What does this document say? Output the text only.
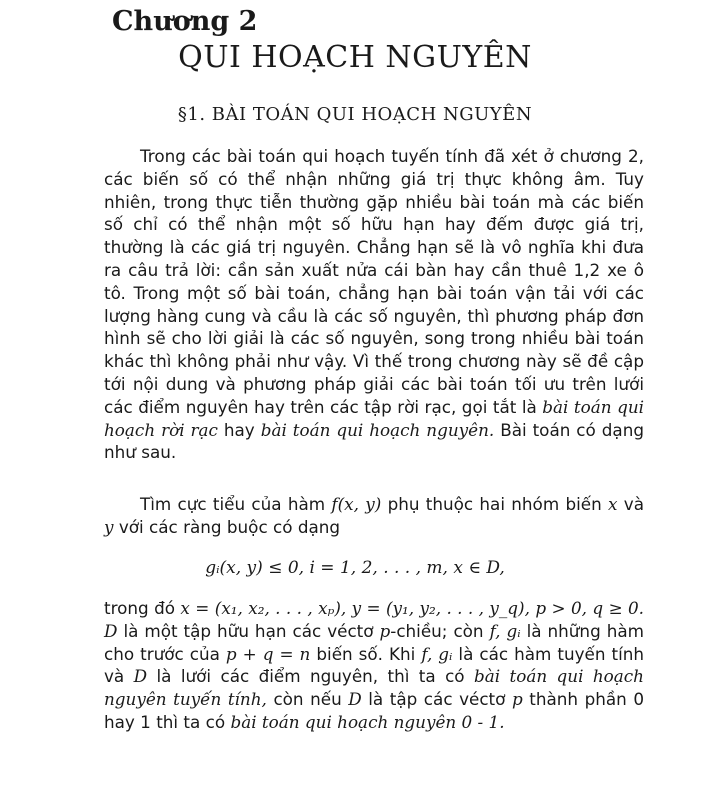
Chương 2
QUI HOẠCH NGUYÊN
§1. BÀI TOÁN QUI HOẠCH NGUYÊN
Trong các bài toán qui hoạch tuyến tính đã xét ở chương 2, các biến số có thể nhận những giá trị thực không âm. Tuy nhiên, trong thực tiễn thường gặp nhiều bài toán mà các biến số chỉ có thể nhận một số hữu hạn hay đếm được giá trị, thường là các giá trị nguyên. Chẳng hạn sẽ là vô nghĩa khi đưa ra câu trả lời: cần sản xuất nửa cái bàn hay cần thuê 1,2 xe ô tô. Trong một số bài toán, chẳng hạn bài toán vận tải với các lượng hàng cung và cầu là các số nguyên, thì phương pháp đơn hình sẽ cho lời giải là các số nguyên, song trong nhiều bài toán khác thì không phải như vậy. Vì thế trong chương này sẽ đề cập tới nội dung và phương pháp giải các bài toán tối ưu trên lưới các điểm nguyên hay trên các tập rời rạc, gọi tắt là bài toán qui hoạch rời rạc hay bài toán qui hoạch nguyên. Bài toán có dạng như sau.
Tìm cực tiểu của hàm f(x, y) phụ thuộc hai nhóm biến x và y với các ràng buộc có dạng
gᵢ(x, y) ≤ 0, i = 1, 2, . . . , m, x ∈ D,
trong đó x = (x₁, x₂, . . . , xₚ), y = (y₁, y₂, . . . , y_q), p > 0, q ≥ 0. D là một tập hữu hạn các véctơ p-chiều; còn f, gᵢ là những hàm cho trước của p + q = n biến số. Khi f, gᵢ là các hàm tuyến tính và D là lưới các điểm nguyên, thì ta có bài toán qui hoạch nguyên tuyến tính, còn nếu D là tập các véctơ p thành phần 0 hay 1 thì ta có bài toán qui hoạch nguyên 0 - 1.
